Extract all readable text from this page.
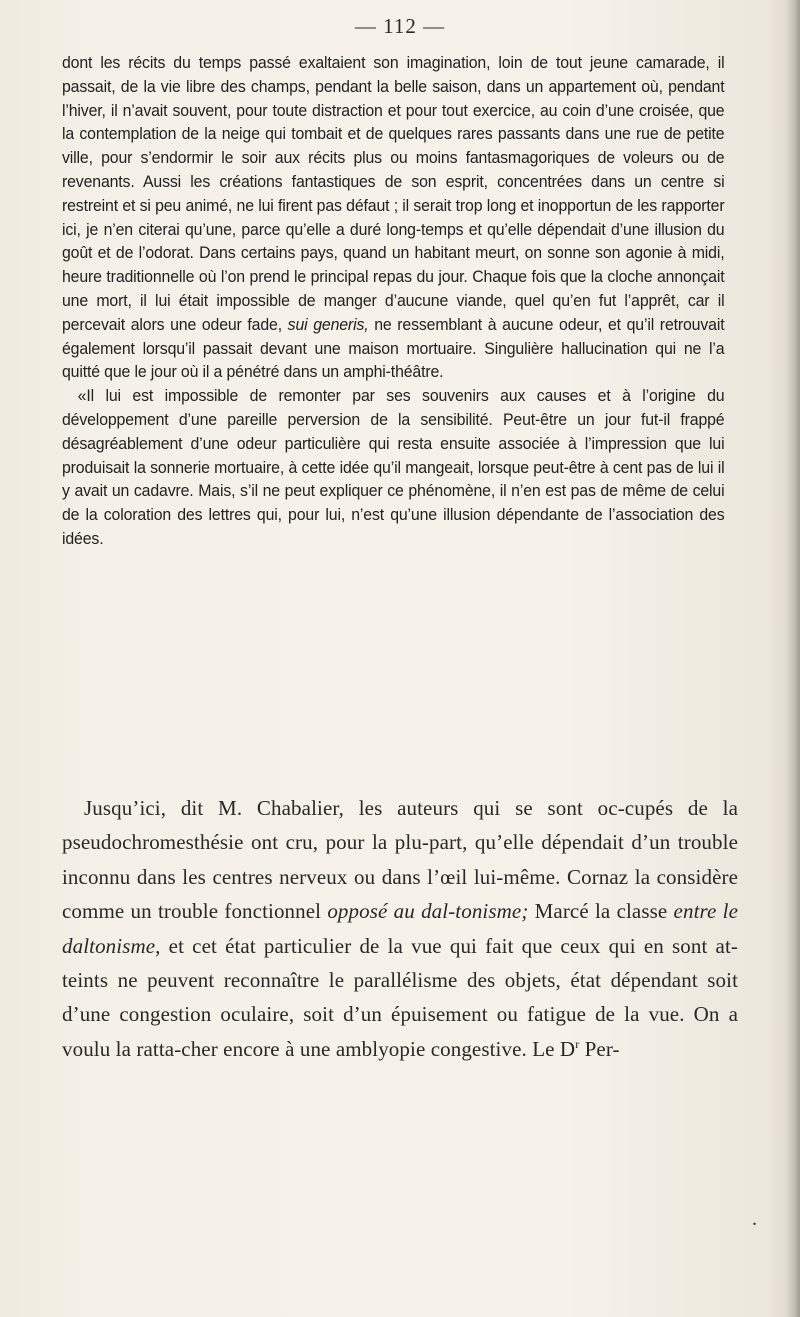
— 112 —

dont les récits du temps passé exaltaient son imagination, loin de tout jeune camarade, il passait, de la vie libre des champs, pendant la belle saison, dans un appartement où, pendant l’hiver, il n’avait souvent, pour toute distraction et pour tout exercice, au coin d’une croisée, que la contemplation de la neige qui tombait et de quelques rares passants dans une rue de petite ville, pour s’endormir le soir aux récits plus ou moins fantasmagoriques de voleurs ou de revenants. Aussi les créations fantastiques de son esprit, concentrées dans un centre si restreint et si peu animé, ne lui firent pas défaut ; il serait trop long et inopportun de les rapporter ici, je n’en citerai qu’une, parce qu’elle a duré long-temps et qu’elle dépendait d’une illusion du goût et de l’odorat. Dans certains pays, quand un habitant meurt, on sonne son agonie à midi, heure traditionnelle où l’on prend le principal repas du jour. Chaque fois que la cloche annonçait une mort, il lui était impossible de manger d’aucune viande, quel qu’en fut l’apprêt, car il percevait alors une odeur fade, sui generis, ne ressemblant à aucune odeur, et qu’il retrouvait également lorsqu’il passait devant une maison mortuaire. Singulière hallucination qui ne l’a quitté que le jour où il a pénétré dans un amphi-théâtre.

«Il lui est impossible de remonter par ses souvenirs aux causes et à l’origine du développement d’une pareille perversion de la sensibilité. Peut-être un jour fut-il frappé désagréablement d’une odeur particulière qui resta ensuite associée à l’impression que lui produisait la sonnerie mortuaire, à cette idée qu’il mangeait, lorsque peut-être à cent pas de lui il y avait un cadavre. Mais, s’il ne peut expliquer ce phénomène, il n’en est pas de même de celui de la coloration des lettres qui, pour lui, n’est qu’une illusion dépendante de l’association des idées.

Jusqu’ici, dit M. Chabalier, les auteurs qui se sont oc-cupés de la pseudochromesthésie ont cru, pour la plu-part, qu’elle dépendait d’un trouble inconnu dans les centres nerveux ou dans l’œil lui-même. Cornaz la considère comme un trouble fonctionnel opposé au dal-tonisme; Marcé la classe entre le daltonisme, et cet état particulier de la vue qui fait que ceux qui en sont at-teints ne peuvent reconnaître le parallélisme des objets, état dépendant soit d’une congestion oculaire, soit d’un épuisement ou fatigue de la vue. On a voulu la ratta-cher encore à une amblyopie congestive. Le $D^r$ Per-

.
